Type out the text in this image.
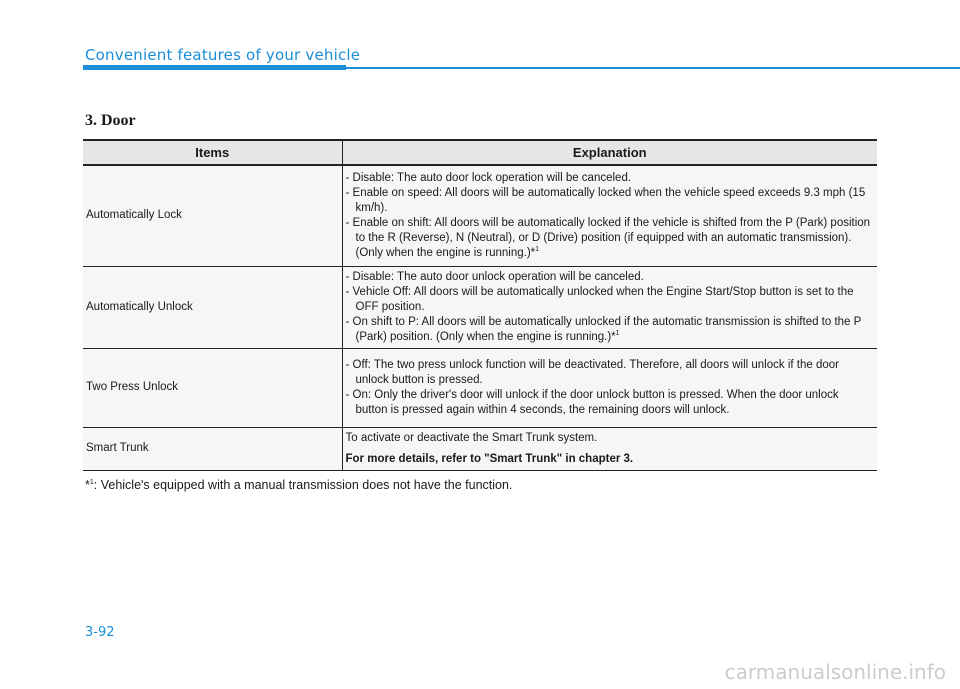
Convenient features of your vehicle
3. Door
Items	Explanation
Automatically Lock	- Disable: The auto door lock operation will be canceled.
- Enable on speed: All doors will be automatically locked when the vehicle speed exceeds 9.3 mph (15 km/h).
- Enable on shift: All doors will be automatically locked if the vehicle is shifted from the P (Park) position to the R (Reverse), N (Neutral), or D (Drive) position (if equipped with an automatic transmission). (Only when the engine is running.)*$^1$

Automatically Unlock	- Disable: The auto door unlock operation will be canceled.
- Vehicle Off: All doors will be automatically unlocked when the Engine Start/Stop button is set to the OFF position.
- On shift to P: All doors will be automatically unlocked if the automatic transmission is shifted to the P (Park) position. (Only when the engine is running.)*$^1$

Two Press Unlock	- Off: The two press unlock function will be deactivated. Therefore, all doors will unlock if the door unlock button is pressed.
- On: Only the driver's door will unlock if the door unlock button is pressed. When the door unlock button is pressed again within 4 seconds, the remaining doors will unlock.

Smart Trunk	To activate or deactivate the Smart Trunk system.
For more details, refer to "Smart Trunk" in chapter 3.
*$^1$: Vehicle's equipped with a manual transmission does not have the function.
3-92
carmanualsonline.info
